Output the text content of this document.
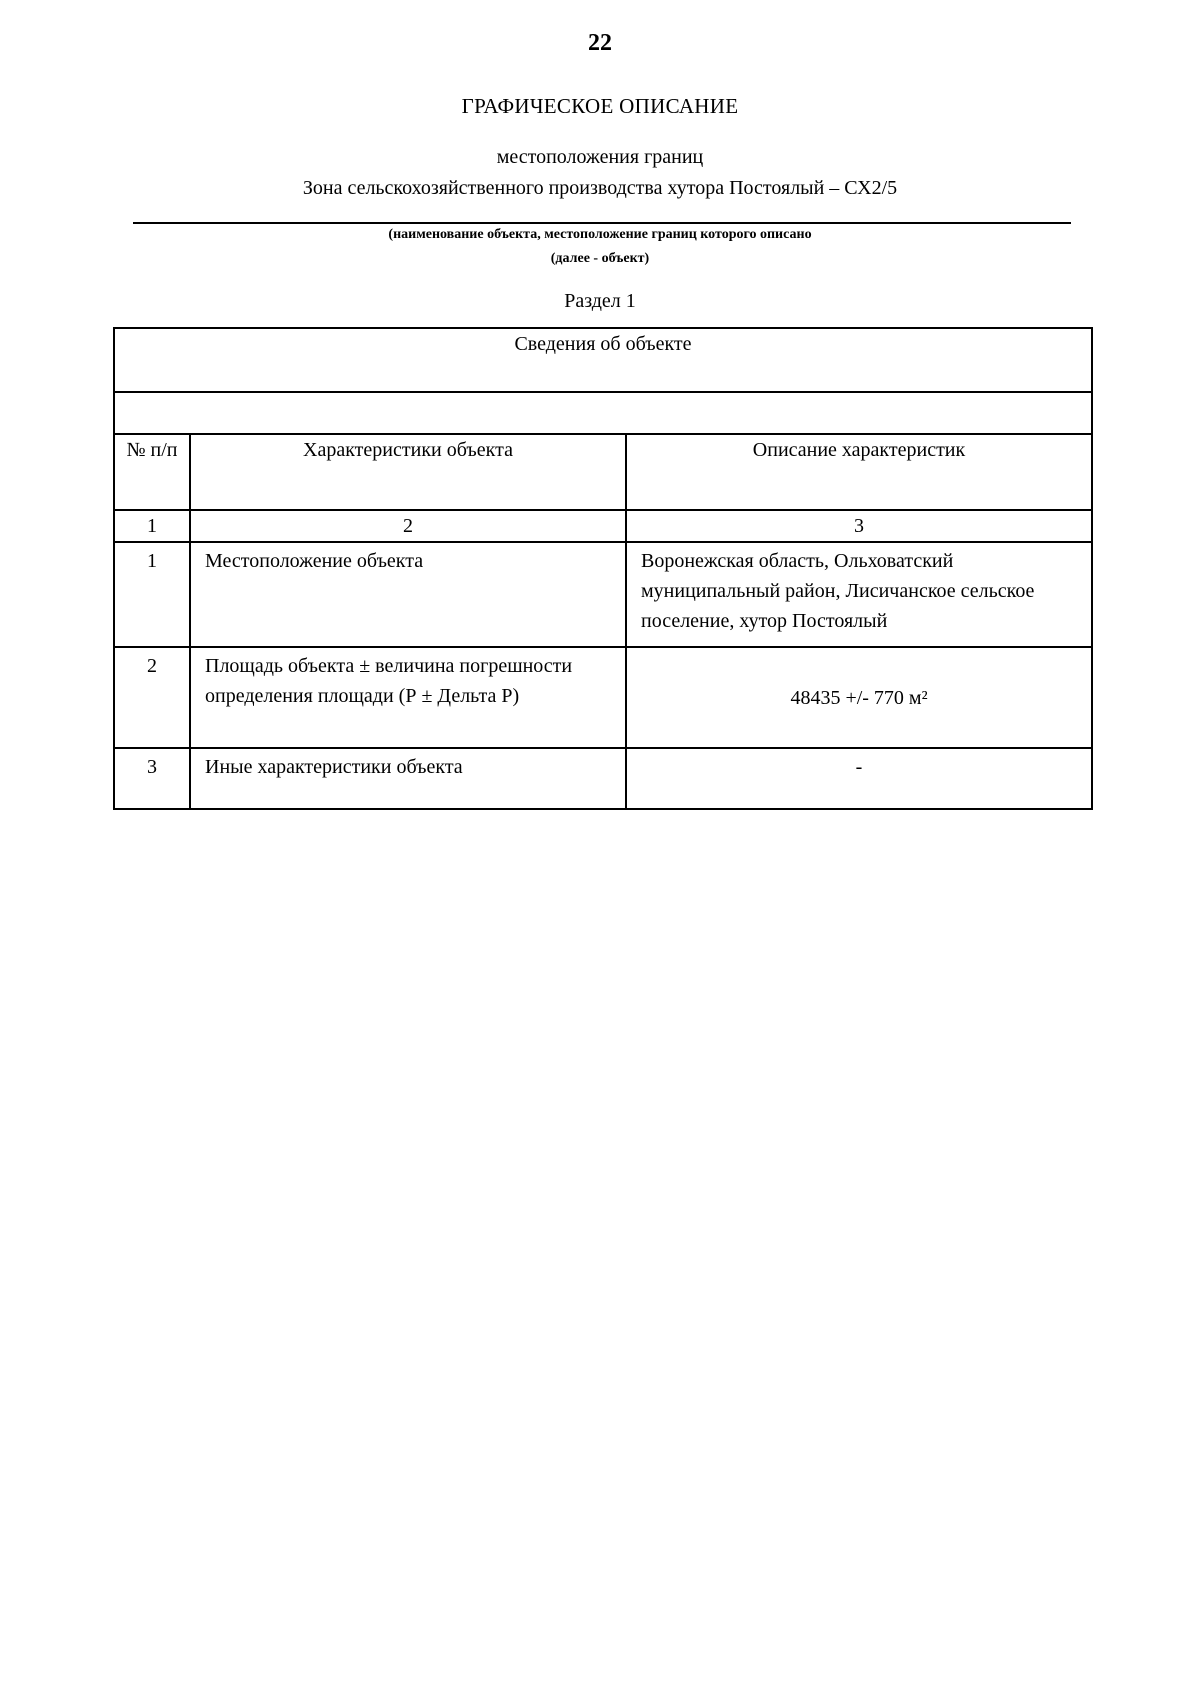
22
ГРАФИЧЕСКОЕ ОПИСАНИЕ
местоположения границ
Зона сельскохозяйственного производства хутора Постоялый – СХ2/5
(наименование объекта, местоположение границ которого описано
(далее - объект)
Раздел 1
Сведения об объекте		

№ п/п	Характеристики объекта	Описание характеристик
1	2	3
1	Местоположение объекта	Воронежская область, Ольховатский муниципальный район, Лисичанское сельское поселение, хутор Постоялый
2	Площадь объекта ± величина погрешности определения площади (Р ± Дельта Р)	48435 +/- 770 м²
3	Иные характеристики объекта	-
